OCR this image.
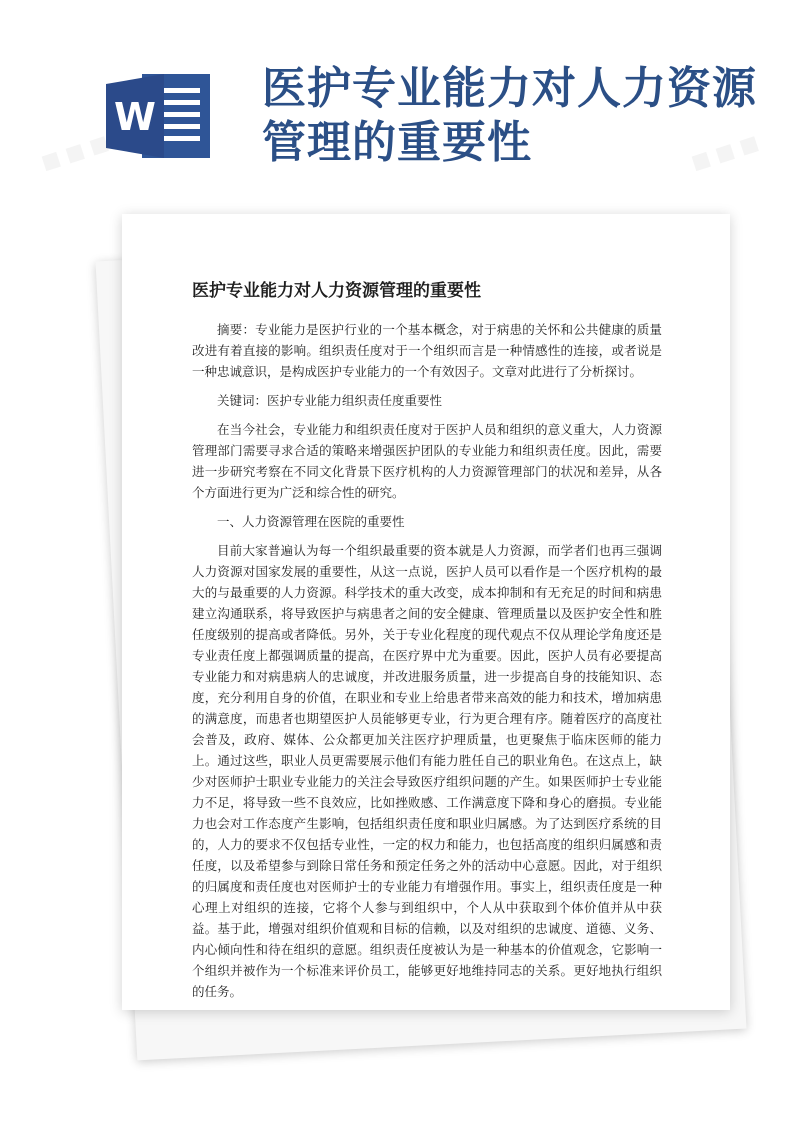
W
医护专业能力对人力资源管理的重要性
医护专业能力对人力资源管理的重要性

摘要：专业能力是医护行业的一个基本概念，对于病患的关怀和公共健康的质量改进有着直接的影响。组织责任度对于一个组织而言是一种情感性的连接，或者说是一种忠诚意识，是构成医护专业能力的一个有效因子。文章对此进行了分析探讨。

关键词：医护专业能力组织责任度重要性

在当今社会，专业能力和组织责任度对于医护人员和组织的意义重大，人力资源管理部门需要寻求合适的策略来增强医护团队的专业能力和组织责任度。因此，需要进一步研究考察在不同文化背景下医疗机构的人力资源管理部门的状况和差异，从各个方面进行更为广泛和综合性的研究。

一、人力资源管理在医院的重要性

目前大家普遍认为每一个组织最重要的资本就是人力资源，而学者们也再三强调人力资源对国家发展的重要性，从这一点说，医护人员可以看作是一个医疗机构的最大的与最重要的人力资源。科学技术的重大改变，成本抑制和有无充足的时间和病患建立沟通联系，将导致医护与病患者之间的安全健康、管理质量以及医护安全性和胜任度级别的提高或者降低。另外，关于专业化程度的现代观点不仅从理论学角度还是专业责任度上都强调质量的提高，在医疗界中尤为重要。因此，医护人员有必要提高专业能力和对病患病人的忠诚度，并改进服务质量，进一步提高自身的技能知识、态度，充分利用自身的价值，在职业和专业上给患者带来高效的能力和技术，增加病患的满意度，而患者也期望医护人员能够更专业，行为更合理有序。随着医疗的高度社会普及，政府、媒体、公众都更加关注医疗护理质量，也更聚焦于临床医师的能力上。通过这些，职业人员更需要展示他们有能力胜任自己的职业角色。在这点上，缺少对医师护士职业专业能力的关注会导致医疗组织问题的产生。如果医师护士专业能力不足，将导致一些不良效应，比如挫败感、工作满意度下降和身心的磨损。专业能力也会对工作态度产生影响，包括组织责任度和职业归属感。为了达到医疗系统的目的，人力的要求不仅包括专业性，一定的权力和能力，也包括高度的组织归属感和责任度，以及希望参与到除日常任务和预定任务之外的活动中心意愿。因此，对于组织的归属度和责任度也对医师护士的专业能力有增强作用。事实上，组织责任度是一种心理上对组织的连接，它将个人参与到组织中，个人从中获取到个体价值并从中获益。基于此，增强对组织价值观和目标的信赖，以及对组织的忠诚度、道德、义务、内心倾向性和待在组织的意愿。组织责任度被认为是一种基本的价值观念，它影响一个组织并被作为一个标准来评价员工，能够更好地维持同志的关系。更好地执行组织的任务。
